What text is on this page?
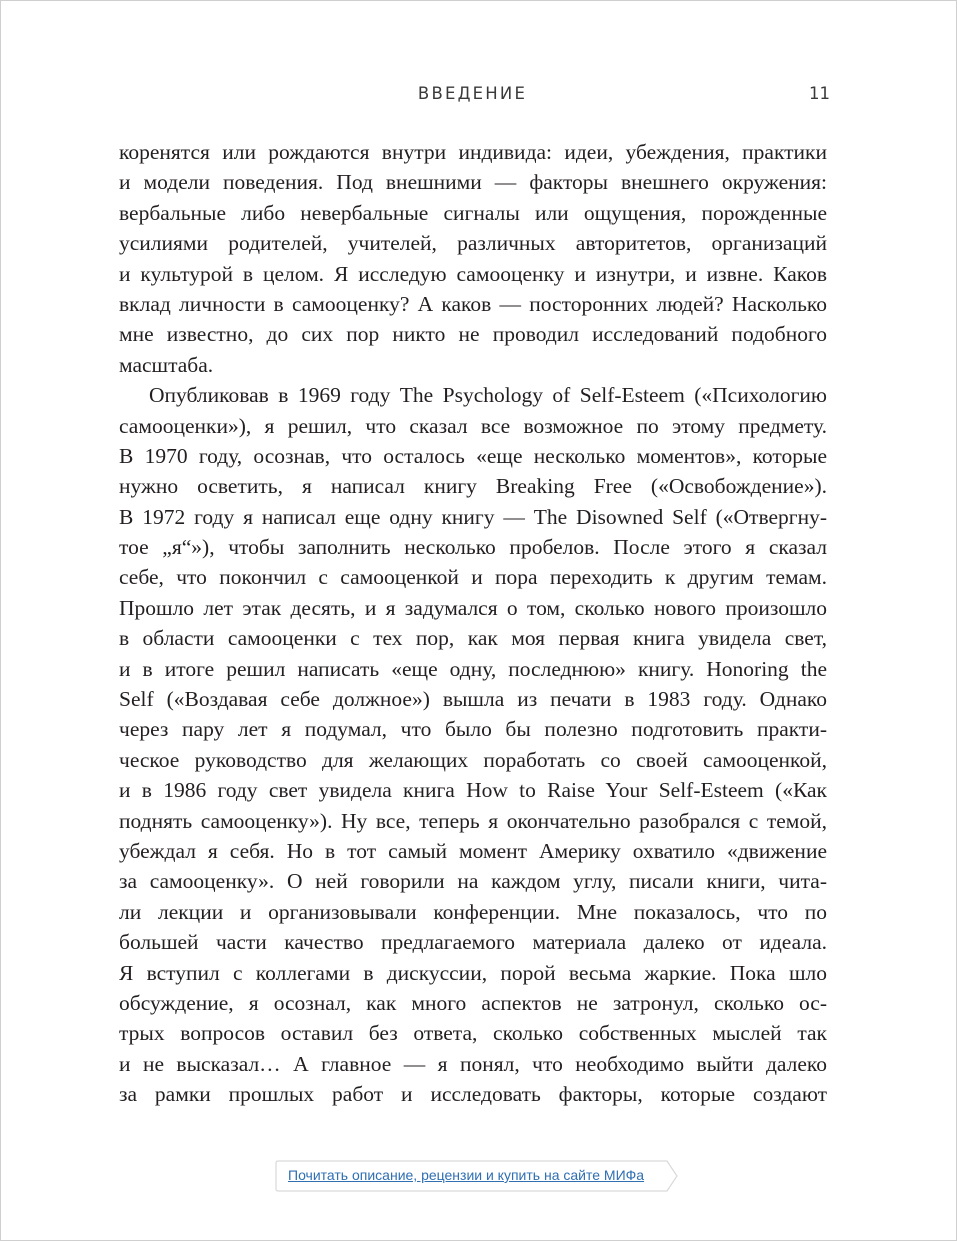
ВВЕДЕНИЕ	11
коренятся или рождаются внутри индивида: идеи, убеждения, практики
и модели поведения. Под внешними — факторы внешнего окружения:
вербальные либо невербальные сигналы или ощущения, порожденные
усилиями родителей, учителей, различных авторитетов, организаций
и культурой в целом. Я исследую самооценку и изнутри, и извне. Каков
вклад личности в самооценку? А каков — посторонних людей? Насколько
мне известно, до сих пор никто не проводил исследований подобного
масштаба.
Опубликовав в 1969 году The Psychology of Self-Esteem («Психологию
самооценки»), я решил, что сказал все возможное по этому предмету.
В 1970 году, осознав, что осталось «еще несколько моментов», которые
нужно осветить, я написал книгу Breaking Free («Освобождение»).
В 1972 году я написал еще одну книгу — The Disowned Self («Отвергну-
тое „я“»), чтобы заполнить несколько пробелов. После этого я сказал
себе, что покончил с самооценкой и пора переходить к другим темам.
Прошло лет этак десять, и я задумался о том, сколько нового произошло
в области самооценки с тех пор, как моя первая книга увидела свет,
и в итоге решил написать «еще одну, последнюю» книгу. Honoring the
Self («Воздавая себе должное») вышла из печати в 1983 году. Однако
через пару лет я подумал, что было бы полезно подготовить практи-
ческое руководство для желающих поработать со своей самооценкой,
и в 1986 году свет увидела книга How to Raise Your Self-Esteem («Как
поднять самооценку»). Ну все, теперь я окончательно разобрался с темой,
убеждал я себя. Но в тот самый момент Америку охватило «движение
за самооценку». О ней говорили на каждом углу, писали книги, чита-
ли лекции и организовывали конференции. Мне показалось, что по
большей части качество предлагаемого материала далеко от идеала.
Я вступил с коллегами в дискуссии, порой весьма жаркие. Пока шло
обсуждение, я осознал, как много аспектов не затронул, сколько ос-
трых вопросов оставил без ответа, сколько собственных мыслей так
и не высказал… А главное — я понял, что необходимо выйти далеко
за рамки прошлых работ и исследовать факторы, которые создают
Почитать описание, рецензии и купить на сайте МИФа
